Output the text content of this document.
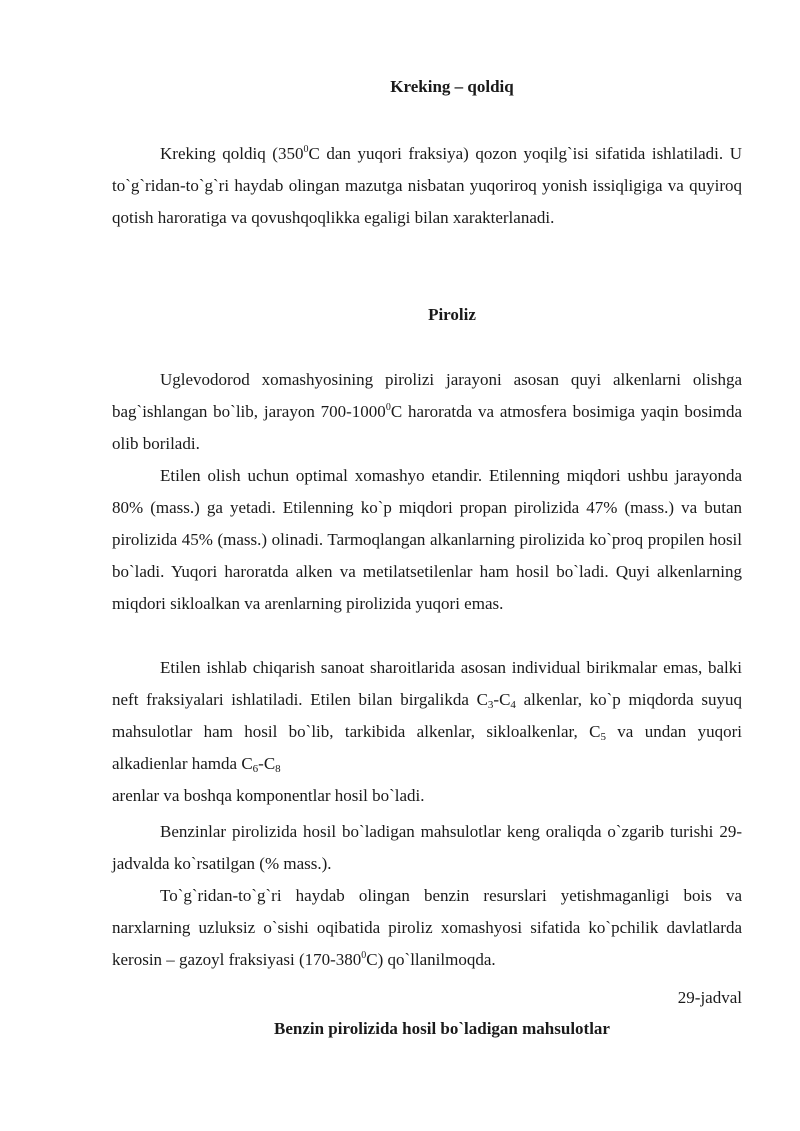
Kreking – qoldiq

Kreking qoldiq ($350^0C$ dan yuqori fraksiya) qozon yoqilg`isi sifatida ishlatiladi. U to`g`ridan-to`g`ri haydab olingan mazutga nisbatan yuqoriroq yonish issiqligiga va quyiroq qotish haroratiga va qovushqoqlikka egaligi bilan xarakterlanadi.

Piroliz

Uglevodorod xomashyosining pirolizi jarayoni asosan quyi alkenlarni olishga bag`ishlangan bo`lib, jarayon 700-1000$^0$C haroratda va atmosfera bosimiga yaqin bosimda olib boriladi.

Etilen olish uchun optimal xomashyo etandir. Etilenning miqdori ushbu jarayonda 80% (mass.) ga yetadi. Etilenning ko`p miqdori propan pirolizida 47% (mass.) va butan pirolizida 45% (mass.) olinadi. Tarmoqlangan alkanlarning pirolizida ko`proq propilen hosil bo`ladi. Yuqori haroratda alken va metilatsetilenlar ham hosil bo`ladi. Quyi alkenlarning miqdori sikloalkan va arenlarning pirolizida yuqori emas.

Etilen ishlab chiqarish sanoat sharoitlarida asosan individual birikmalar emas, balki neft fraksiyalari ishlatiladi. Etilen bilan birgalikda $C_3-C_4$ alkenlar, ko`p miqdorda suyuq mahsulotlar ham hosil bo`lib, tarkibida alkenlar, sikloalkenlar, $C_5$ va undan yuqori alkadienlar hamda $C_6-C_8$

arenlar va boshqa komponentlar hosil bo`ladi.

Benzinlar pirolizida hosil bo`ladigan mahsulotlar keng oraliqda o`zgarib turishi 29-jadvalda ko`rsatilgan (% mass.).

To`g`ridan-to`g`ri haydab olingan benzin resurslari yetishmaganligi bois va narxlarning uzluksiz o`sishi oqibatida piroliz xomashyosi sifatida ko`pchilik davlatlarda kerosin – gazoyl fraksiyasi $(170-380^0C)$ qo`llanilmoqda.

29-jadval

Benzin pirolizida hosil bo`ladigan mahsulotlar
